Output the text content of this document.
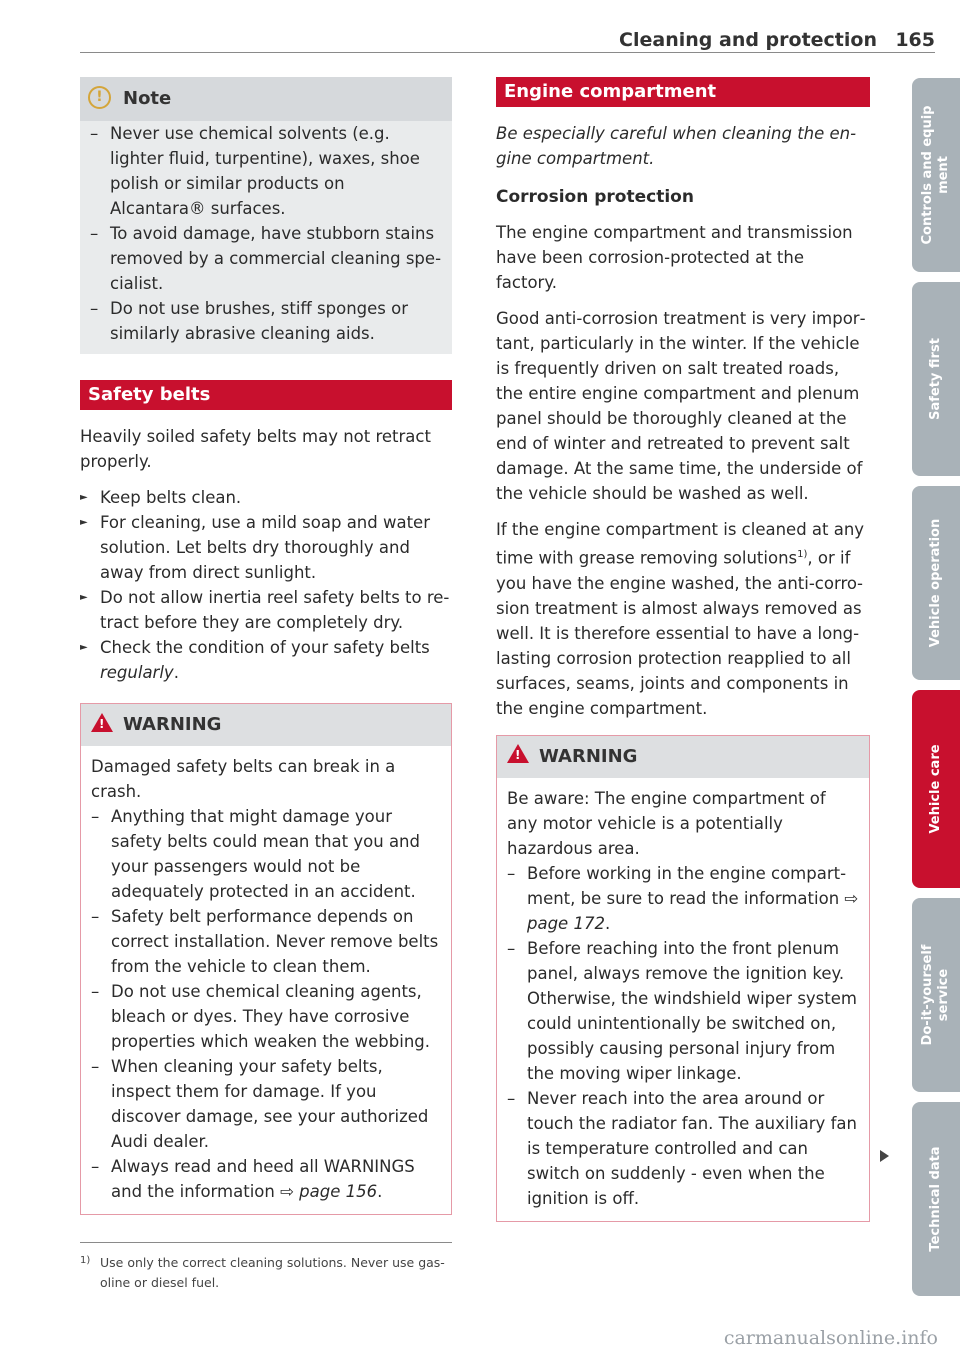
Cleaning and protection 165
! Note
– Never use chemical solvents (e.g. lighter fluid, turpentine), waxes, shoe polish or similar products on Alcantara® surfaces.
– To avoid damage, have stubborn stains removed by a commercial cleaning specialist.
– Do not use brushes, stiff sponges or similarly abrasive cleaning aids.
Safety belts

Heavily soiled safety belts may not retract properly.

► Keep belts clean.
► For cleaning, use a mild soap and water solution. Let belts dry thoroughly and away from direct sunlight.
► Do not allow inertia reel safety belts to retract before they are completely dry.
► Check the condition of your safety belts regularly.
!WARNING

Damaged safety belts can break in a crash.

– Anything that might damage your safety belts could mean that you and your passengers would not be adequately protected in an accident.
– Safety belt performance depends on correct installation. Never remove belts from the vehicle to clean them.
– Do not use chemical cleaning agents, bleach or dyes. They have corrosive properties which weaken the webbing.
– When cleaning your safety belts, inspect them for damage. If you discover damage, see your authorized Audi dealer.
– Always read and heed all WARNINGS and the information ⇨ page 156.
1) Use only the correct cleaning solutions. Never use gasoline or diesel fuel.
Engine compartment

Be especially careful when cleaning the engine compartment.

Corrosion protection

The engine compartment and transmission have been corrosion-protected at the factory.

Good anti-corrosion treatment is very important, particularly in the winter. If the vehicle is frequently driven on salt treated roads, the entire engine compartment and plenum panel should be thoroughly cleaned at the end of winter and retreated to prevent salt damage. At the same time, the underside of the vehicle should be washed as well.

If the engine compartment is cleaned at any time with grease removing solutions$^{1)}$, or if you have the engine washed, the anti-corrosion treatment is almost always removed as well. It is therefore essential to have a longlasting corrosion protection reapplied to all surfaces, seams, joints and components in the engine compartment.

!WARNING

Be aware: The engine compartment of any motor vehicle is a potentially hazardous area.

– Before working in the engine compartment, be sure to read the information ⇨ page 172.
– Before reaching into the front plenum panel, always remove the ignition key. Otherwise, the windshield wiper system could unintentionally be switched on, possibly causing personal injury from the moving wiper linkage.
– Never reach into the area around or touch the radiator fan. The auxiliary fan is temperature controlled and can switch on suddenly - even when the ignition is off.
Controls and equip
ment
Safety first
Vehicle operation
Vehicle care
Do-it-yourself
service
Technical data
carmanualsonline.info
